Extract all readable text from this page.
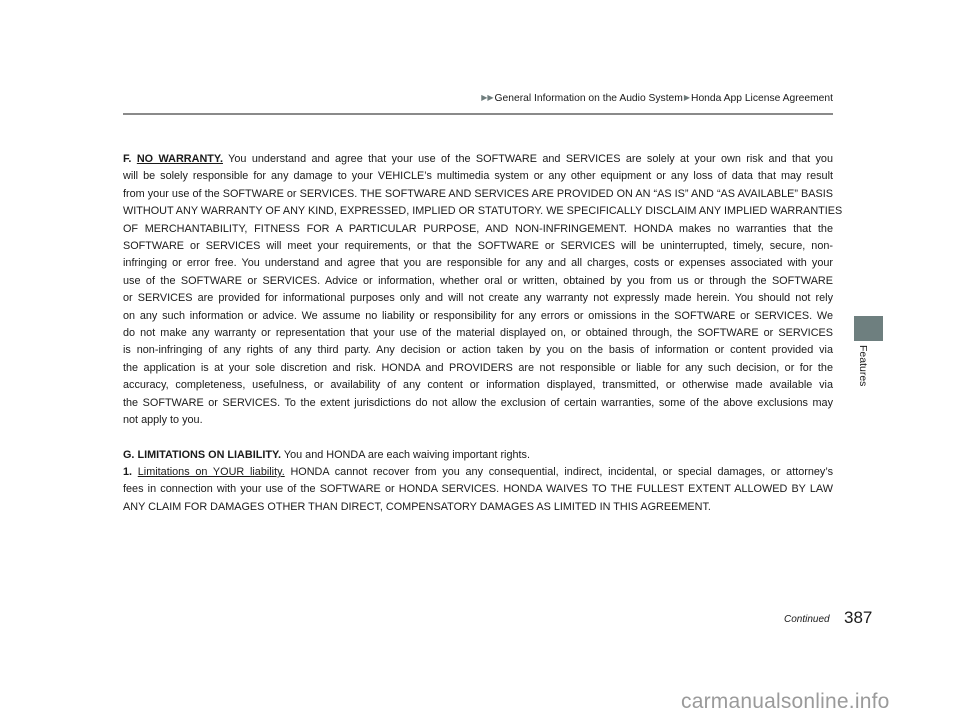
▶▶General Information on the Audio System▶Honda App License Agreement

F. NO WARRANTY. You understand and agree that your use of the SOFTWARE and SERVICES are solely at your own risk and that you
will be solely responsible for any damage to your VEHICLE’s multimedia system or any other equipment or any loss of data that may result
from your use of the SOFTWARE or SERVICES. THE SOFTWARE AND SERVICES ARE PROVIDED ON AN “AS IS” AND “AS AVAILABLE” BASIS
WITHOUT ANY WARRANTY OF ANY KIND, EXPRESSED, IMPLIED OR STATUTORY. WE SPECIFICALLY DISCLAIM ANY IMPLIED WARRANTIES
OF MERCHANTABILITY, FITNESS FOR A PARTICULAR PURPOSE, AND NON-INFRINGEMENT. HONDA makes no warranties that the
SOFTWARE or SERVICES will meet your requirements, or that the SOFTWARE or SERVICES will be uninterrupted, timely, secure, non-
infringing or error free. You understand and agree that you are responsible for any and all charges, costs or expenses associated with your
use of the SOFTWARE or SERVICES. Advice or information, whether oral or written, obtained by you from us or through the SOFTWARE
or SERVICES are provided for informational purposes only and will not create any warranty not expressly made herein. You should not rely
on any such information or advice. We assume no liability or responsibility for any errors or omissions in the SOFTWARE or SERVICES. We
do not make any warranty or representation that your use of the material displayed on, or obtained through, the SOFTWARE or SERVICES
is non-infringing of any rights of any third party. Any decision or action taken by you on the basis of information or content provided via
the application is at your sole discretion and risk. HONDA and PROVIDERS are not responsible or liable for any such decision, or for the
accuracy, completeness, usefulness, or availability of any content or information displayed, transmitted, or otherwise made available via
the SOFTWARE or SERVICES. To the extent jurisdictions do not allow the exclusion of certain warranties, some of the above exclusions may
not apply to you.

G. LIMITATIONS ON LIABILITY. You and HONDA are each waiving important rights.
1. Limitations on YOUR liability. HONDA cannot recover from you any consequential, indirect, incidental, or special damages, or attorney’s
fees in connection with your use of the SOFTWARE or HONDA SERVICES. HONDA WAIVES TO THE FULLEST EXTENT ALLOWED BY LAW
ANY CLAIM FOR DAMAGES OTHER THAN DIRECT, COMPENSATORY DAMAGES AS LIMITED IN THIS AGREEMENT.

Features
Continued 387
carmanualsonline.info
